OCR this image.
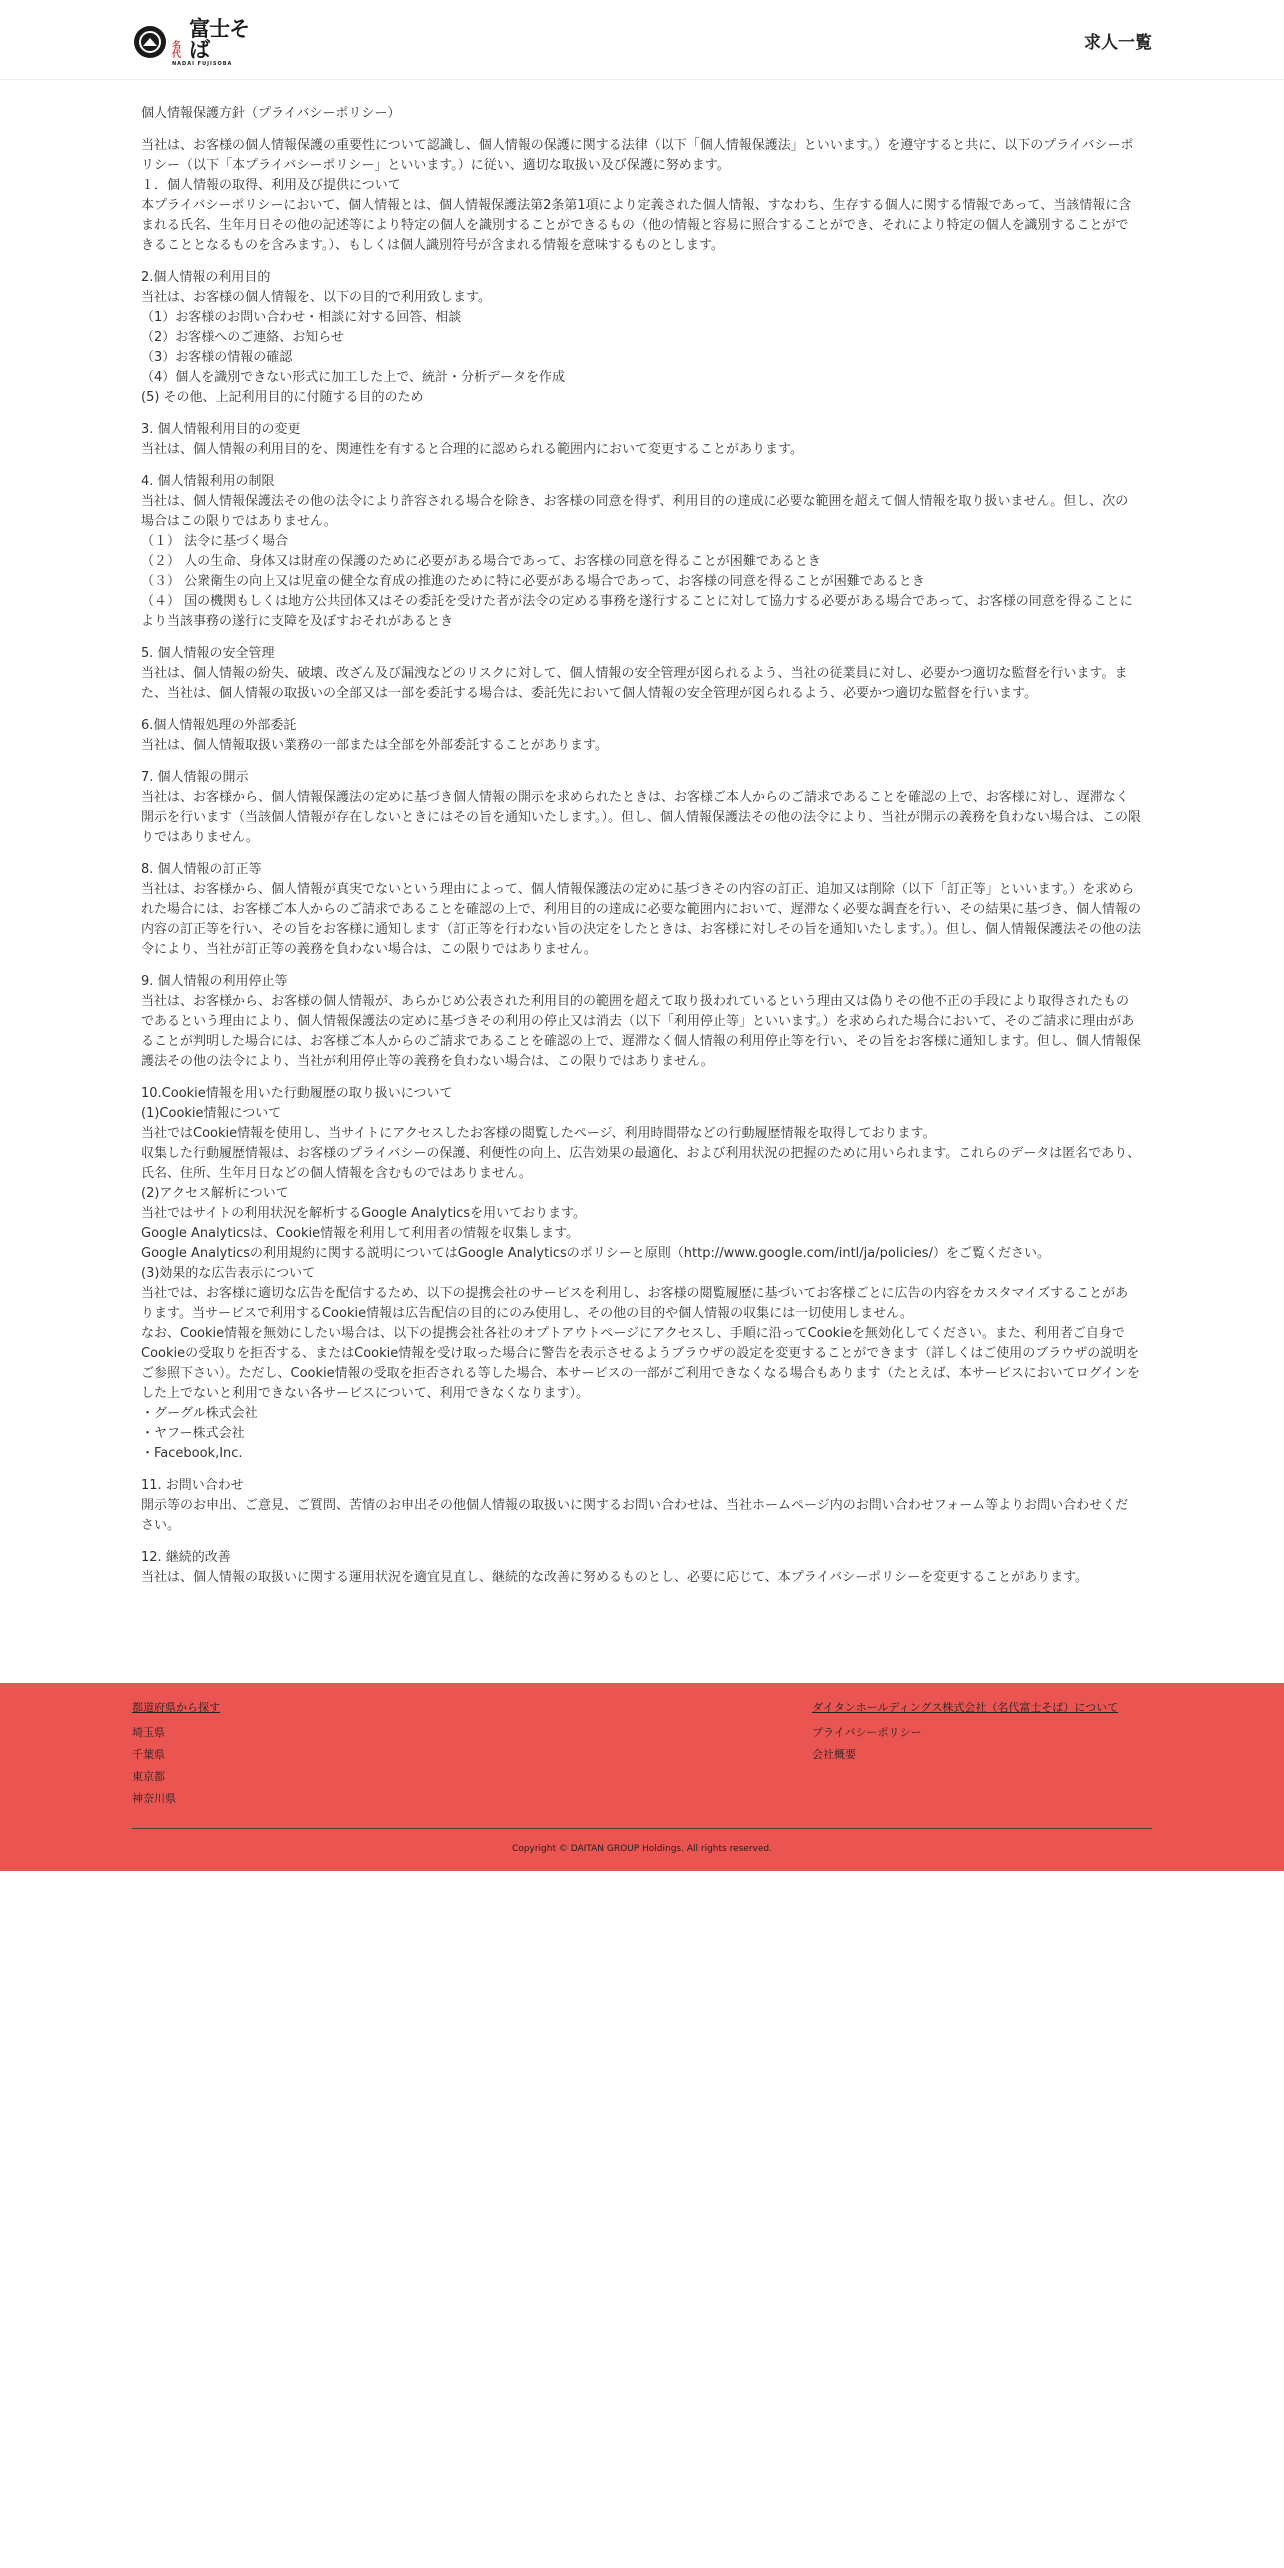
名代
富士そば
NADAI FUJISOBA
求人一覧
個人情報保護方針（プライバシーポリシー）

当社は、お客様の個人情報保護の重要性について認識し、個人情報の保護に関する法律（以下「個人情報保護法」といいます。）を遵守すると共に、以下のプライバシーポリシー（以下「本プライバシーポリシー」といいます。）に従い、適切な取扱い及び保護に努めます。

１．個人情報の取得、利用及び提供について

本プライバシーポリシーにおいて、個人情報とは、個人情報保護法第2条第1項により定義された個人情報、すなわち、生存する個人に関する情報であって、当該情報に含まれる氏名、生年月日その他の記述等により特定の個人を識別することができるもの（他の情報と容易に照合することができ、それにより特定の個人を識別することができることとなるものを含みます。）、もしくは個人識別符号が含まれる情報を意味するものとします。

2.個人情報の利用目的

当社は、お客様の個人情報を、以下の目的で利用致します。

（1）お客様のお問い合わせ・相談に対する回答、相談

（2）お客様へのご連絡、お知らせ

（3）お客様の情報の確認

（4）個人を識別できない形式に加工した上で、統計・分析データを作成

(5) その他、上記利用目的に付随する目的のため

3. 個人情報利用目的の変更

当社は、個人情報の利用目的を、関連性を有すると合理的に認められる範囲内において変更することがあります。

4. 個人情報利用の制限

当社は、個人情報保護法その他の法令により許容される場合を除き、お客様の同意を得ず、利用目的の達成に必要な範囲を超えて個人情報を取り扱いません。但し、次の場合はこの限りではありません。

（１） 法令に基づく場合

（２） 人の生命、身体又は財産の保護のために必要がある場合であって、お客様の同意を得ることが困難であるとき

（３） 公衆衛生の向上又は児童の健全な育成の推進のために特に必要がある場合であって、お客様の同意を得ることが困難であるとき

（４） 国の機関もしくは地方公共団体又はその委託を受けた者が法令の定める事務を遂行することに対して協力する必要がある場合であって、お客様の同意を得ることにより当該事務の遂行に支障を及ぼすおそれがあるとき

5. 個人情報の安全管理

当社は、個人情報の紛失、破壊、改ざん及び漏洩などのリスクに対して、個人情報の安全管理が図られるよう、当社の従業員に対し、必要かつ適切な監督を行います。また、当社は、個人情報の取扱いの全部又は一部を委託する場合は、委託先において個人情報の安全管理が図られるよう、必要かつ適切な監督を行います。

6.個人情報処理の外部委託

当社は、個人情報取扱い業務の一部または全部を外部委託することがあります。

7. 個人情報の開示

当社は、お客様から、個人情報保護法の定めに基づき個人情報の開示を求められたときは、お客様ご本人からのご請求であることを確認の上で、お客様に対し、遅滞なく開示を行います（当該個人情報が存在しないときにはその旨を通知いたします。）。但し、個人情報保護法その他の法令により、当社が開示の義務を負わない場合は、この限りではありません。

8. 個人情報の訂正等

当社は、お客様から、個人情報が真実でないという理由によって、個人情報保護法の定めに基づきその内容の訂正、追加又は削除（以下「訂正等」といいます。）を求められた場合には、お客様ご本人からのご請求であることを確認の上で、利用目的の達成に必要な範囲内において、遅滞なく必要な調査を行い、その結果に基づき、個人情報の内容の訂正等を行い、その旨をお客様に通知します（訂正等を行わない旨の決定をしたときは、お客様に対しその旨を通知いたします。）。但し、個人情報保護法その他の法令により、当社が訂正等の義務を負わない場合は、この限りではありません。

9. 個人情報の利用停止等

当社は、お客様から、お客様の個人情報が、あらかじめ公表された利用目的の範囲を超えて取り扱われているという理由又は偽りその他不正の手段により取得されたものであるという理由により、個人情報保護法の定めに基づきその利用の停止又は消去（以下「利用停止等」といいます。）を求められた場合において、そのご請求に理由があることが判明した場合には、お客様ご本人からのご請求であることを確認の上で、遅滞なく個人情報の利用停止等を行い、その旨をお客様に通知します。但し、個人情報保護法その他の法令により、当社が利用停止等の義務を負わない場合は、この限りではありません。

10.Cookie情報を用いた行動履歴の取り扱いについて

(1)Cookie情報について

当社ではCookie情報を使用し、当サイトにアクセスしたお客様の閲覧したページ、利用時間帯などの行動履歴情報を取得しております。

収集した行動履歴情報は、お客様のプライバシーの保護、利便性の向上、広告効果の最適化、および利用状況の把握のために用いられます。これらのデータは匿名であり、氏名、住所、生年月日などの個人情報を含むものではありません。

(2)アクセス解析について

当社ではサイトの利用状況を解析するGoogle Analyticsを用いております。

Google Analyticsは、Cookie情報を利用して利用者の情報を収集します。

Google Analyticsの利用規約に関する説明についてはGoogle Analyticsのポリシーと原則（http://www.google.com/intl/ja/policies/）をご覧ください。

(3)効果的な広告表示について

当社では、お客様に適切な広告を配信するため、以下の提携会社のサービスを利用し、お客様の閲覧履歴に基づいてお客様ごとに広告の内容をカスタマイズすることがあります。当サービスで利用するCookie情報は広告配信の目的にのみ使用し、その他の目的や個人情報の収集には一切使用しません。

なお、Cookie情報を無効にしたい場合は、以下の提携会社各社のオプトアウトページにアクセスし、手順に沿ってCookieを無効化してください。また、利用者ご自身でCookieの受取りを拒否する、またはCookie情報を受け取った場合に警告を表示させるようブラウザの設定を変更することができます（詳しくはご使用のブラウザの説明をご参照下さい）。ただし、Cookie情報の受取を拒否される等した場合、本サービスの一部がご利用できなくなる場合もあります（たとえば、本サービスにおいてログインをした上でないと利用できない各サービスについて、利用できなくなります）。

・グーグル株式会社

・ヤフー株式会社

・Facebook,Inc.

11. お問い合わせ

開示等のお申出、ご意見、ご質問、苦情のお申出その他個人情報の取扱いに関するお問い合わせは、当社ホームページ内のお問い合わせフォーム等よりお問い合わせください。

12. 継続的改善

当社は、個人情報の取扱いに関する運用状況を適宜見直し、継続的な改善に努めるものとし、必要に応じて、本プライバシーポリシーを変更することがあります。

都道府県から探す
埼玉県
千葉県
東京都
神奈川県
ダイタンホールディングス株式会社（名代富士そば）について
プライバシーポリシー
会社概要
Copyright © DAITAN GROUP Holdings. All rights reserved.
